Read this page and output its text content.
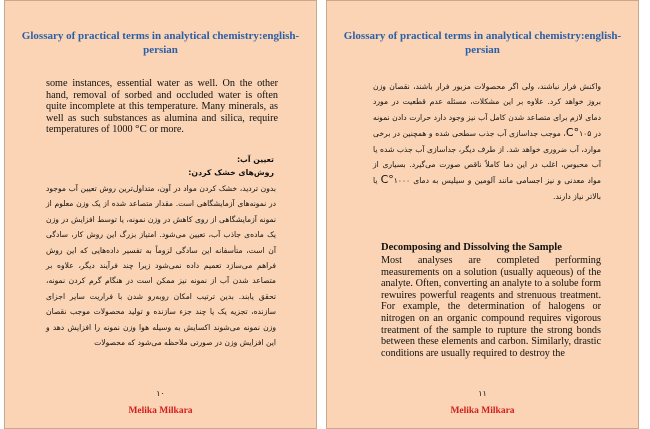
Glossary of practical terms in analytical chemistry:english-persian
some instances, essential water as well. On the other hand, removal of sorbed and occluded water is often quite incomplete at this temperature. Many minerals, as well as such substances as alumina and silica, require temperatures of 1000 °C or more.
تعیین آب:
روش‌های خشک کردن:
بدون تردید، خشک کردن مواد در آون، متداول‌ترین روش تعیین آب موجود در نمونه‌های آزمایشگاهی است. مقدار متصاعد شده از یک وزن معلوم از نمونه آزمایشگاهی از روی کاهش در وزن نمونه، یا توسط افزایش در وزن یک ماده‌ی جاذب آب، تعیین می‌شود. امتیاز بزرگ این روش کار، سادگی آن است، متأسفانه این سادگی لزوماً به تفسیر داده‌هایی که این روش فراهم می‌سازد تعمیم داده نمی‌شود زیرا چند فرآیند دیگر، علاوه بر متصاعد شدن آب از نمونه نیز ممکن است در هنگام گرم کردن نمونه، تحقق یابند. بدین ترتیب امکان روبه‌رو شدن با فراریت سایر اجزای سازنده، تجزیه یک یا چند جزء سازنده و تولید محصولات موجب نقصان وزن نمونه می‌شوند اکسایش به وسیله هوا وزن نمونه را افزایش دهد و این افزایش وزن در صورتی ملاحظه می‌شود که محصولات
۱۰
Melika Milkara
Glossary of practical terms in analytical chemistry:english-persian
واکنش فرار نباشند، ولی اگر محصولات مزبور فرار باشند، نقصان وزن بروز خواهد کرد. علاوه بر این مشکلات، مسئله عدم قطعیت در مورد دمای لازم برای متصاعد شدن کامل آب نیز وجود دارد حرارت دادن نمونه در ۱۰۵°C، موجب جداسازی آب جذب سطحی شده و همچنین در برخی موارد، آب ضروری خواهد شد. از طرف دیگر، جداسازی آب جذب شده یا آب محبوس، اغلب در این دما کاملاً ناقص صورت می‌گیرد. بسیاری از مواد معدنی و نیز اجسامی مانند آلومین و سیلیس به دمای ۱۰۰۰°C یا بالاتر نیاز دارند.
Decomposing and Dissolving the Sample
Most analyses are completed performing measurements on a solution (usually aqueous) of the analyte. Often, converting an analyte to a solube form rewuires powerful reagents and strenuous treatment. For example, the determination of halogens or nitrogen on an organic compound requires vigorous treatment of the sample to rupture the strong bonds between these elements and carbon. Similarly, drastic conditions are usually required to destroy the
۱۱
Melika Milkara
